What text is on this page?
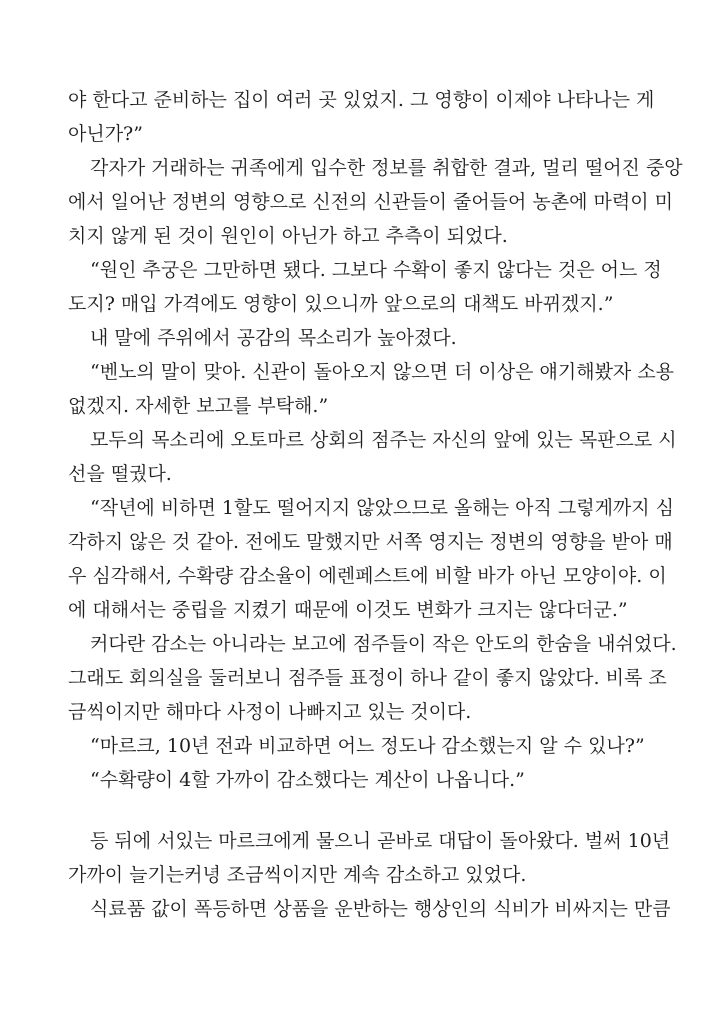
야 한다고 준비하는 집이 여러 곳 있었지. 그 영향이 이제야 나타나는 게
아닌가?”
각자가 거래하는 귀족에게 입수한 정보를 취합한 결과, 멀리 떨어진 중앙
에서 일어난 정변의 영향으로 신전의 신관들이 줄어들어 농촌에 마력이 미
치지 않게 된 것이 원인이 아닌가 하고 추측이 되었다.
“원인 추궁은 그만하면 됐다. 그보다 수확이 좋지 않다는 것은 어느 정
도지? 매입 가격에도 영향이 있으니까 앞으로의 대책도 바뀌겠지.”
내 말에 주위에서 공감의 목소리가 높아졌다.
“벤노의 말이 맞아. 신관이 돌아오지 않으면 더 이상은 얘기해봤자 소용
없겠지. 자세한 보고를 부탁해.”
모두의 목소리에 오토마르 상회의 점주는 자신의 앞에 있는 목판으로 시
선을 떨궜다.
“작년에 비하면 1할도 떨어지지 않았으므로 올해는 아직 그렇게까지 심
각하지 않은 것 같아. 전에도 말했지만 서쪽 영지는 정변의 영향을 받아 매
우 심각해서, 수확량 감소율이 에렌페스트에 비할 바가 아닌 모양이야. 이
에 대해서는 중립을 지켰기 때문에 이것도 변화가 크지는 않다더군.”
커다란 감소는 아니라는 보고에 점주들이 작은 안도의 한숨을 내쉬었다.
그래도 회의실을 둘러보니 점주들 표정이 하나 같이 좋지 않았다. 비록 조
금씩이지만 해마다 사정이 나빠지고 있는 것이다.
“마르크, 10년 전과 비교하면 어느 정도나 감소했는지 알 수 있나?”
“수확량이 4할 가까이 감소했다는 계산이 나옵니다.”
등 뒤에 서있는 마르크에게 물으니 곧바로 대답이 돌아왔다. 벌써 10년
가까이 늘기는커녕 조금씩이지만 계속 감소하고 있었다.
식료품 값이 폭등하면 상품을 운반하는 행상인의 식비가 비싸지는 만큼
